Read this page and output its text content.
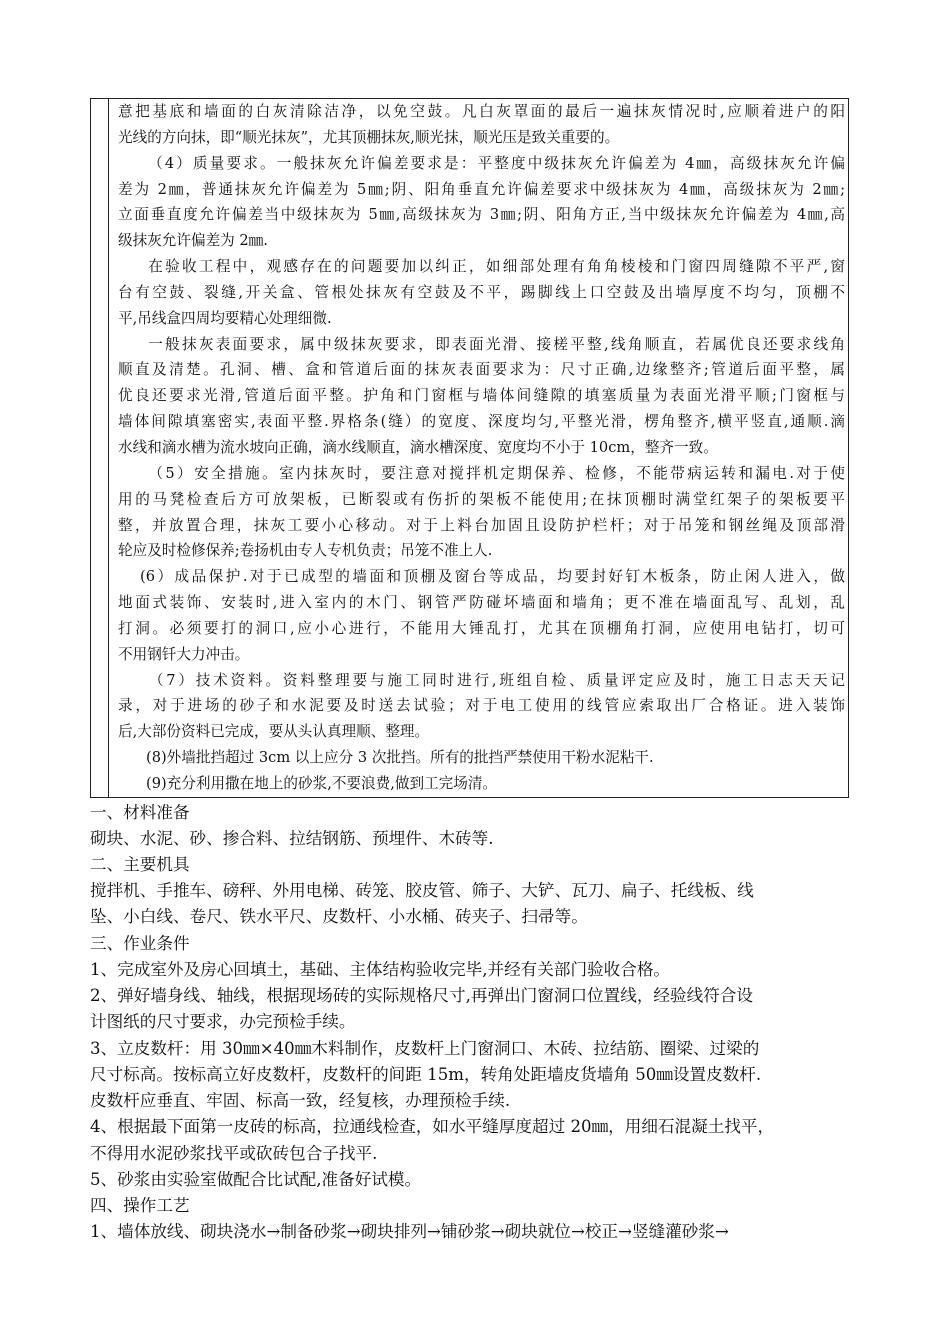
意把基底和墙面的白灰清除洁净，以免空鼓。凡白灰罩面的最后一遍抹灰情况时,应顺着进户的阳

光线的方向抹，即“顺光抹灰”，尤其顶棚抹灰,顺光抹，顺光压是致关重要的。

（4）质量要求。一般抹灰允许偏差要求是：平整度中级抹灰允许偏差为 4㎜，高级抹灰允许偏

差为 2㎜，普通抹灰允许偏差为 5㎜;阴、阳角垂直允许偏差要求中级抹灰为 4㎜，高级抹灰为 2㎜;

立面垂直度允许偏差当中级抹灰为 5㎜,高级抹灰为 3㎜;阴、阳角方正,当中级抹灰允许偏差为 4㎜,高

级抹灰允许偏差为 2㎜.

在验收工程中，观感存在的问题要加以纠正，如细部处理有角角棱棱和门窗四周缝隙不平严,窗

台有空鼓、裂缝,开关盒、管根处抹灰有空鼓及不平，踢脚线上口空鼓及出墙厚度不均匀，顶棚不

平,吊线盒四周均要精心处理细微.

一般抹灰表面要求，属中级抹灰要求，即表面光滑、接槎平整,线角顺直，若属优良还要求线角

顺直及清楚。孔洞、槽、盒和管道后面的抹灰表面要求为：尺寸正确,边缘整齐;管道后面平整，属

优良还要求光滑,管道后面平整。护角和门窗框与墙体间缝隙的填塞质量为表面光滑平顺;门窗框与

墙体间隙填塞密实,表面平整.界格条(缝）的宽度、深度均匀,平整光滑，楞角整齐,横平竖直,通顺.滴

水线和滴水槽为流水坡向正确，滴水线顺直，滴水槽深度、宽度均不小于 10cm，整齐一致。

（5）安全措施。室内抹灰时，要注意对搅拌机定期保养、检修，不能带病运转和漏电.对于使

用的马凳检查后方可放架板，已断裂或有伤折的架板不能使用;在抹顶棚时满堂红架子的架板要平

整，并放置合理，抹灰工要小心移动。对于上料台加固且设防护栏杆；对于吊笼和钢丝绳及顶部滑

轮应及时检修保养;卷扬机由专人专机负责；吊笼不准上人.

(6）成品保护.对于已成型的墙面和顶棚及窗台等成品，均要封好钉木板条，防止闲人进入，做

地面式装饰、安装时,进入室内的木门、钢管严防碰坏墙面和墙角；更不准在墙面乱写、乱划，乱

打洞。必须要打的洞口,应小心进行，不能用大锤乱打，尤其在顶棚角打洞，应使用电钻打，切可

不用钢钎大力冲击。

（7）技术资料。资料整理要与施工同时进行,班组自检、质量评定应及时，施工日志天天记

录，对于进场的砂子和水泥要及时送去试验；对于电工使用的线管应索取出厂合格证。进入装饰

后,大部份资料已完成，要从头认真理顺、整理。

(8)外墙批挡超过 3cm 以上应分 3 次批挡。所有的批挡严禁使用干粉水泥粘干.

(9)充分利用撒在地上的砂浆,不要浪费,做到工完场清。

一、材料准备

砌块、水泥、砂、掺合料、拉结钢筋、预埋件、木砖等.

二、主要机具

搅拌机、手推车、磅秤、外用电梯、砖笼、胶皮管、筛子、大铲、瓦刀、扁子、托线板、线

坠、小白线、卷尺、铁水平尺、皮数杆、小水桶、砖夹子、扫帚等。

三、作业条件

1、完成室外及房心回填土，基础、主体结构验收完毕,并经有关部门验收合格。

2、弹好墙身线、轴线，根据现场砖的实际规格尺寸,再弹出门窗洞口位置线，经验线符合设

计图纸的尺寸要求，办完预检手续。

3、立皮数杆：用 30㎜×40㎜木料制作，皮数杆上门窗洞口、木砖、拉结筋、圈梁、过梁的

尺寸标高。按标高立好皮数杆，皮数杆的间距 15m，转角处距墙皮货墙角 50㎜设置皮数杆.

皮数杆应垂直、牢固、标高一致，经复核，办理预检手续.

4、根据最下面第一皮砖的标高，拉通线检查，如水平缝厚度超过 20㎜，用细石混凝土找平，

不得用水泥砂浆找平或砍砖包合子找平.

5、砂浆由实验室做配合比试配,准备好试模。

四、操作工艺

1、墙体放线、砌块浇水→制备砂浆→砌块排列→铺砂浆→砌块就位→校正→竖缝灌砂浆→
